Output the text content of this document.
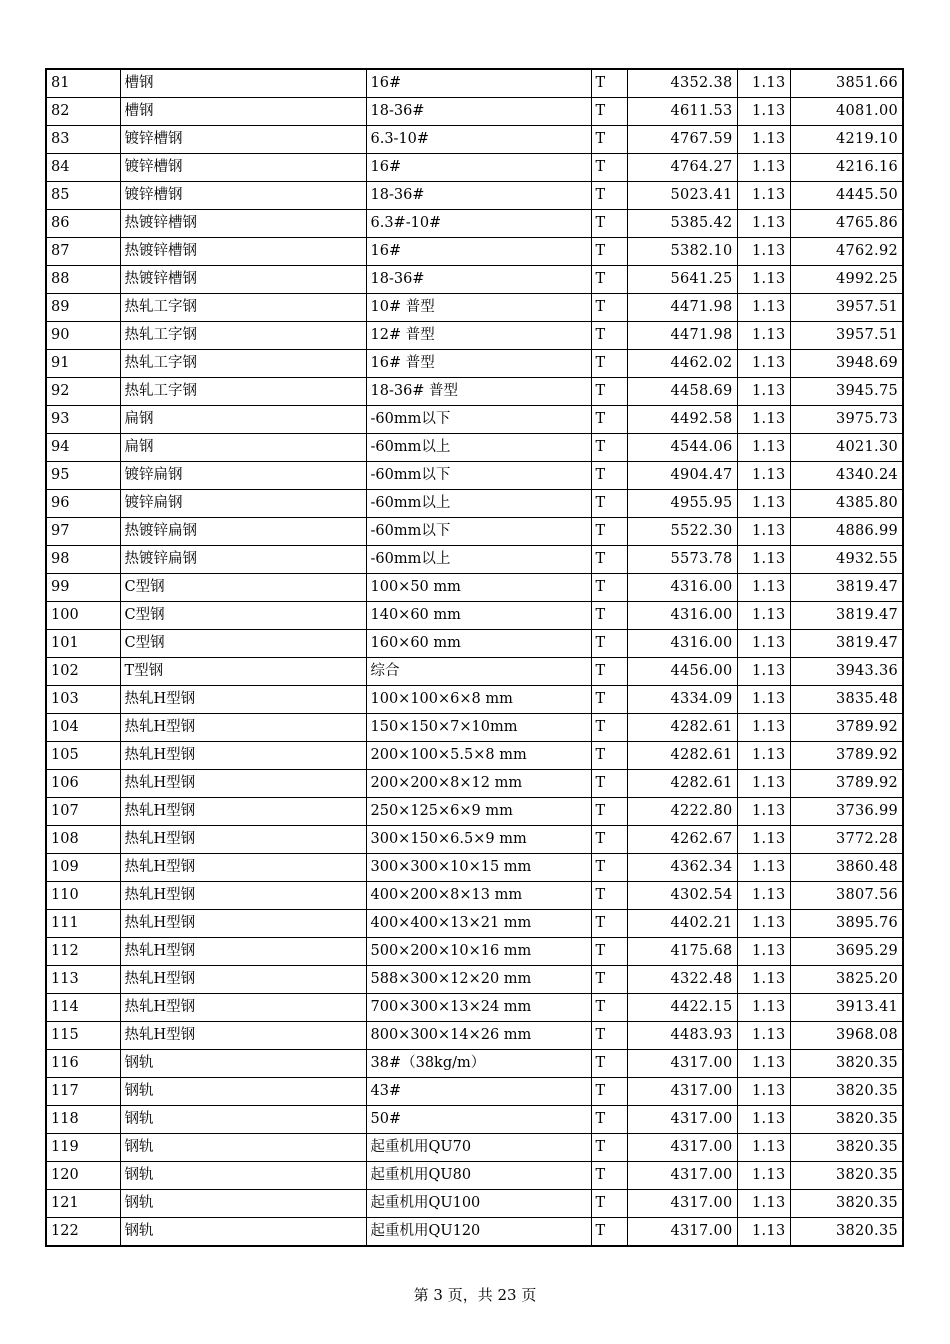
81	槽钢	16#	T	4352.38	1.13	3851.66
82	槽钢	18-36#	T	4611.53	1.13	4081.00
83	镀锌槽钢	6.3-10#	T	4767.59	1.13	4219.10
84	镀锌槽钢	16#	T	4764.27	1.13	4216.16
85	镀锌槽钢	18-36#	T	5023.41	1.13	4445.50
86	热镀锌槽钢	6.3#-10#	T	5385.42	1.13	4765.86
87	热镀锌槽钢	16#	T	5382.10	1.13	4762.92
88	热镀锌槽钢	18-36#	T	5641.25	1.13	4992.25
89	热轧工字钢	10# 普型	T	4471.98	1.13	3957.51
90	热轧工字钢	12# 普型	T	4471.98	1.13	3957.51
91	热轧工字钢	16# 普型	T	4462.02	1.13	3948.69
92	热轧工字钢	18-36# 普型	T	4458.69	1.13	3945.75
93	扁钢	-60mm以下	T	4492.58	1.13	3975.73
94	扁钢	-60mm以上	T	4544.06	1.13	4021.30
95	镀锌扁钢	-60mm以下	T	4904.47	1.13	4340.24
96	镀锌扁钢	-60mm以上	T	4955.95	1.13	4385.80
97	热镀锌扁钢	-60mm以下	T	5522.30	1.13	4886.99
98	热镀锌扁钢	-60mm以上	T	5573.78	1.13	4932.55
99	C型钢	100×50 mm	T	4316.00	1.13	3819.47
100	C型钢	140×60 mm	T	4316.00	1.13	3819.47
101	C型钢	160×60 mm	T	4316.00	1.13	3819.47
102	T型钢	综合	T	4456.00	1.13	3943.36
103	热轧H型钢	100×100×6×8 mm	T	4334.09	1.13	3835.48
104	热轧H型钢	150×150×7×10mm	T	4282.61	1.13	3789.92
105	热轧H型钢	200×100×5.5×8 mm	T	4282.61	1.13	3789.92
106	热轧H型钢	200×200×8×12 mm	T	4282.61	1.13	3789.92
107	热轧H型钢	250×125×6×9 mm	T	4222.80	1.13	3736.99
108	热轧H型钢	300×150×6.5×9 mm	T	4262.67	1.13	3772.28
109	热轧H型钢	300×300×10×15 mm	T	4362.34	1.13	3860.48
110	热轧H型钢	400×200×8×13 mm	T	4302.54	1.13	3807.56
111	热轧H型钢	400×400×13×21 mm	T	4402.21	1.13	3895.76
112	热轧H型钢	500×200×10×16 mm	T	4175.68	1.13	3695.29
113	热轧H型钢	588×300×12×20 mm	T	4322.48	1.13	3825.20
114	热轧H型钢	700×300×13×24 mm	T	4422.15	1.13	3913.41
115	热轧H型钢	800×300×14×26 mm	T	4483.93	1.13	3968.08
116	钢轨	38#（38kg/m）	T	4317.00	1.13	3820.35
117	钢轨	43#	T	4317.00	1.13	3820.35
118	钢轨	50#	T	4317.00	1.13	3820.35
119	钢轨	起重机用QU70	T	4317.00	1.13	3820.35
120	钢轨	起重机用QU80	T	4317.00	1.13	3820.35
121	钢轨	起重机用QU100	T	4317.00	1.13	3820.35
122	钢轨	起重机用QU120	T	4317.00	1.13	3820.35
第 3 页，共 23 页
